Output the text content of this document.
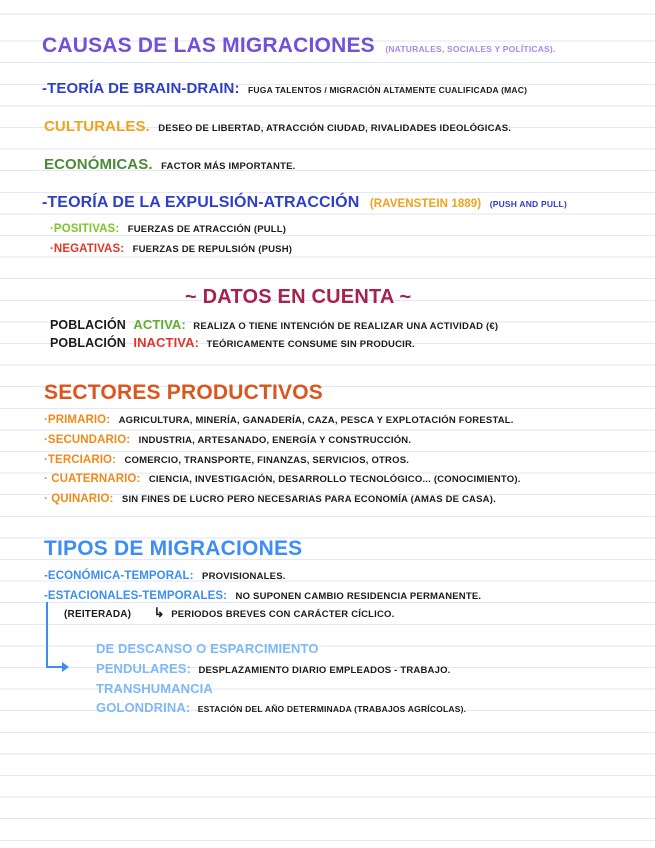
CAUSAS DE LAS MIGRACIONES (NATURALES, SOCIALES Y POLÍTICAS).
-TEORÍA DE BRAIN-DRAIN: FUGA TALENTOS / MIGRACIÓN ALTAMENTE CUALIFICADA (MAC)
CULTURALES. DESEO DE LIBERTAD, ATRACCIÓN CIUDAD, RIVALIDADES IDEOLÓGICAS.
ECONÓMICAS. FACTOR MÁS IMPORTANTE.
-TEORÍA DE LA EXPULSIÓN-ATRACCIÓN (RAVENSTEIN 1889) (PUSH AND PULL)
·POSITIVAS: FUERZAS DE ATRACCIÓN (PULL)
·NEGATIVAS: FUERZAS DE REPULSIÓN (PUSH)
~ DATOS EN CUENTA ~
POBLACIÓN ACTIVA: REALIZA O TIENE INTENCIÓN DE REALIZAR UNA ACTIVIDAD (€)
POBLACIÓN INACTIVA: TEÓRICAMENTE CONSUME SIN PRODUCIR.
SECTORES PRODUCTIVOS
·PRIMARIO: AGRICULTURA, MINERÍA, GANADERÍA, CAZA, PESCA Y EXPLOTACIÓN FORESTAL.
·SECUNDARIO: INDUSTRIA, ARTESANADO, ENERGÍA Y CONSTRUCCIÓN.
·TERCIARIO: COMERCIO, TRANSPORTE, FINANZAS, SERVICIOS, OTROS.
· CUATERNARIO: CIENCIA, INVESTIGACIÓN, DESARROLLO TECNOLÓGICO... (CONOCIMIENTO).
· QUINARIO: SIN FINES DE LUCRO PERO NECESARIAS PARA ECONOMÍA (AMAS DE CASA).
TIPOS DE MIGRACIONES
-ECONÓMICA-TEMPORAL: PROVISIONALES.
-ESTACIONALES-TEMPORALES: NO SUPONEN CAMBIO RESIDENCIA PERMANENTE.
(REITERADA) ↳ PERIODOS BREVES CON CARÁCTER CÍCLICO.
DE DESCANSO O ESPARCIMIENTO
PENDULARES: DESPLAZAMIENTO DIARIO EMPLEADOS - TRABAJO.
TRANSHUMANCIA
GOLONDRINA: ESTACIÓN DEL AÑO DETERMINADA (TRABAJOS AGRÍCOLAS).
